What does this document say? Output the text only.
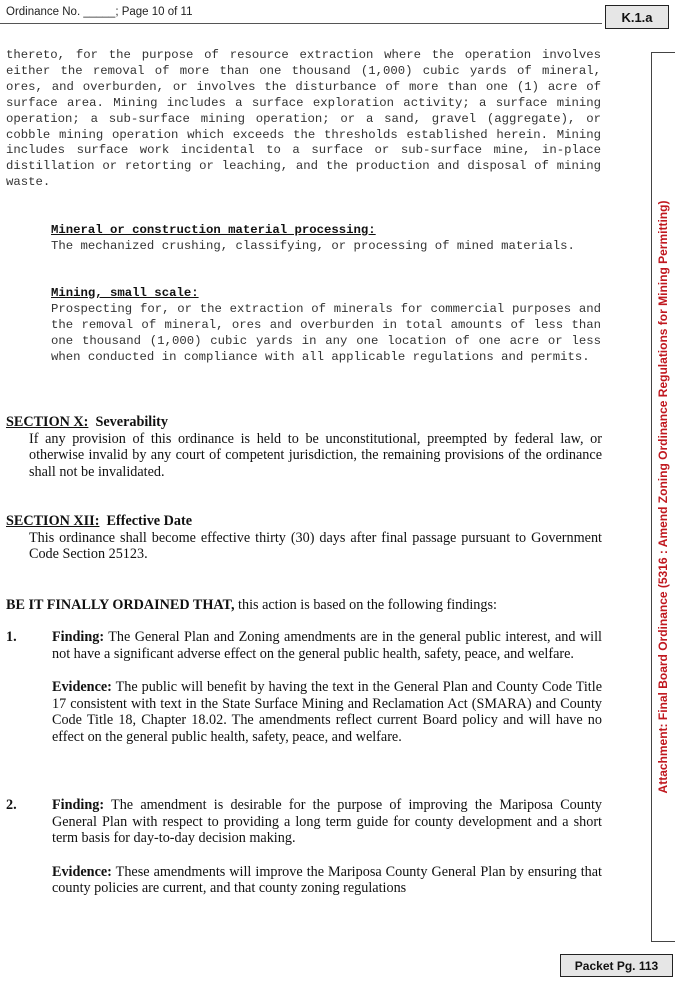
Ordinance No. _____; Page 10 of 11	K.1.a
Attachment: Final Board Ordinance (5316 : Amend Zoning Ordinance Regulations for Mining Permitting)

thereto, for the purpose of resource extraction where the operation involves either the removal of more than one thousand (1,000) cubic yards of mineral, ores, and overburden, or involves the disturbance of more than one (1) acre of surface area. Mining includes a surface exploration activity; a surface mining operation; a sub-surface mining operation; or a sand, gravel (aggregate), or cobble mining operation which exceeds the thresholds established herein. Mining includes surface work incidental to a surface or sub-surface mine, in-place distillation or retorting or leaching, and the production and disposal of mining waste.

Mineral or construction material processing:
The mechanized crushing, classifying, or processing of mined materials.
Mining, small scale:
Prospecting for, or the extraction of minerals for commercial purposes and the removal of mineral, ores and overburden in total amounts of less than one thousand (1,000) cubic yards in any one location of one acre or less when conducted in compliance with all applicable regulations and permits.
SECTION X: Severability
If any provision of this ordinance is held to be unconstitutional, preempted by federal law, or otherwise invalid by any court of competent jurisdiction, the remaining provisions of the ordinance shall not be invalidated.
SECTION XII: Effective Date
This ordinance shall become effective thirty (30) days after final passage pursuant to Government Code Section 25123.
BE IT FINALLY ORDAINED THAT, this action is based on the following findings:
1. Finding: The General Plan and Zoning amendments are in the general public interest, and will not have a significant adverse effect on the general public health, safety, peace, and welfare.
Evidence: The public will benefit by having the text in the General Plan and County Code Title 17 consistent with text in the State Surface Mining and Reclamation Act (SMARA) and County Code Title 18, Chapter 18.02. The amendments reflect current Board policy and will have no effect on the general public health, safety, peace, and welfare.
2. Finding: The amendment is desirable for the purpose of improving the Mariposa County General Plan with respect to providing a long term guide for county development and a short term basis for day-to-day decision making.
Evidence: These amendments will improve the Mariposa County General Plan by ensuring that county policies are current, and that county zoning regulations
Packet Pg. 113
